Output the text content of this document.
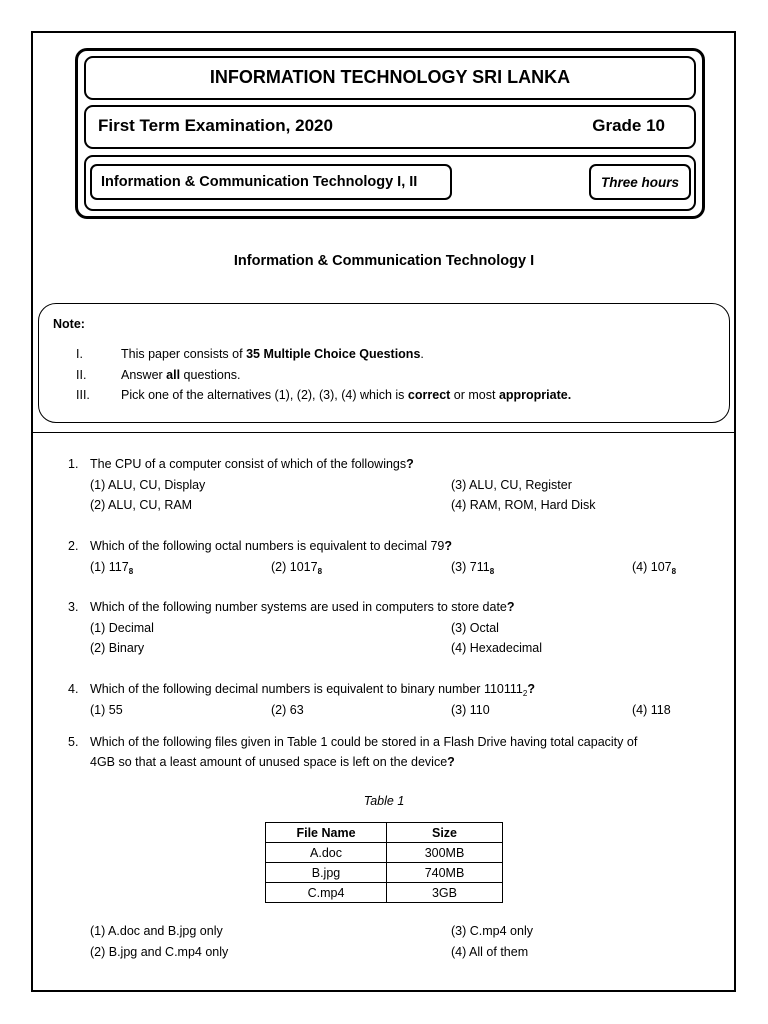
INFORMATION TECHNOLOGY SRI LANKA
First Term Examination, 2020	Grade 10
Information & Communication Technology I, II	Three hours
Information & Communication Technology I
Note:
I.	This paper consists of 35 Multiple Choice Questions.
II.	Answer all questions.
III. Pick one of the alternatives (1), (2), (3), (4) which is correct or most appropriate.
1. The CPU of a computer consist of which of the followings?
(1) ALU, CU, Display
(2) ALU, CU, RAM
(3) ALU, CU, Register
(4) RAM, ROM, Hard Disk
2. Which of the following octal numbers is equivalent to decimal 79?
(1) $117_8$	(2) $1017_8$	(3) $711_8$	(4) $107_8$
3. Which of the following number systems are used in computers to store date?
(1) Decimal
(2) Binary
(3) Octal
(4) Hexadecimal
4. Which of the following decimal numbers is equivalent to binary number $110111_2$?
(1) 55	(2) 63	(3) 110	(4) 118
5. Which of the following files given in Table 1 could be stored in a Flash Drive having total capacity of
4GB so that a least amount of unused space is left on the device?
Table 1
File Name	Size
A.doc	300MB
B.jpg	740MB
C.mp4	3GB
(1) A.doc and B.jpg only
(2) B.jpg and C.mp4 only
(3) C.mp4 only
(4) All of them
